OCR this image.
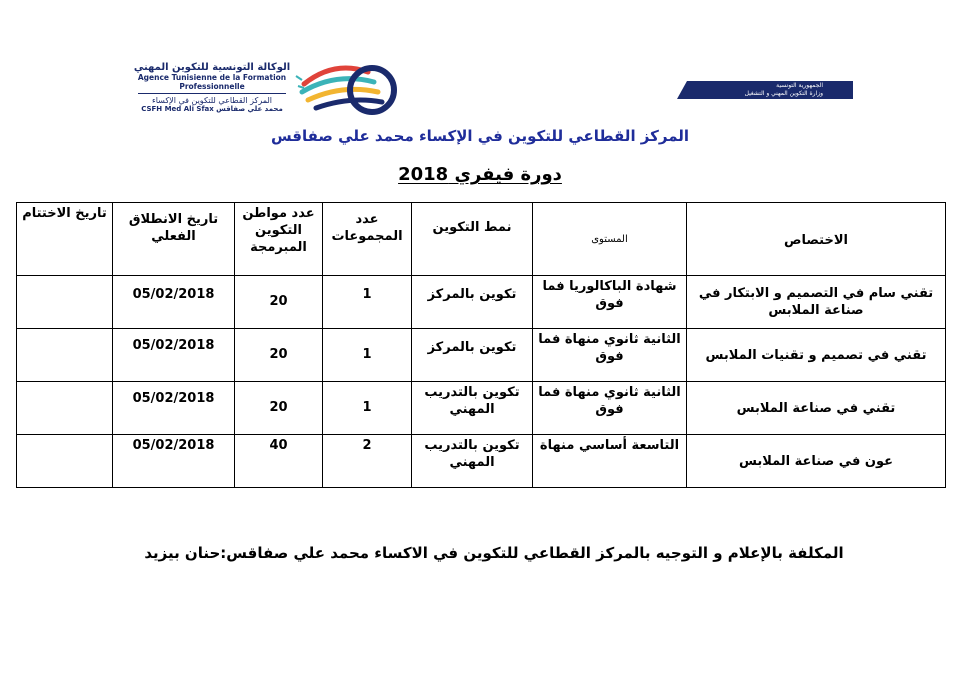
الوكالة التونسية للتكوين المهني
Agence Tunisienne de la Formation Professionnelle
المركز القطاعي للتكوين في الإكساء
CSFH Med Ali Sfax محمد علي صفاقس
الجمهورية التونسية
وزارة التكوين المهني و التشغيل
المركز القطاعي للتكوين في الإكساء محمد علي صفاقس
دورة فيفري 2018
الاختصاص	المستوى	نمط التكوين	عدد المجموعات	عدد مواطن التكوين المبرمجة	تاريخ الانطلاق الفعلي	تاريخ الاختتام
تقني سام في التصميم و الابتكار في صناعة الملابس	شهادة الباكالوريا فما فوق	تكوين بالمركز	1	20	05/02/2018	
تقني في تصميم و تقنيات الملابس	الثانية ثانوي منهاة فما فوق	تكوين بالمركز	1	20	05/02/2018	
تقني في صناعة الملابس	الثانية ثانوي منهاة فما فوق	تكوين بالتدريب المهني	1	20	05/02/2018	
عون في صناعة الملابس	التاسعة أساسي منهاة	تكوين بالتدريب المهني	2	40	05/02/2018	
المكلفة بالإعلام و التوجيه بالمركز القطاعي للتكوين في الاكساء محمد علي صفاقس:حنان بيزيد
